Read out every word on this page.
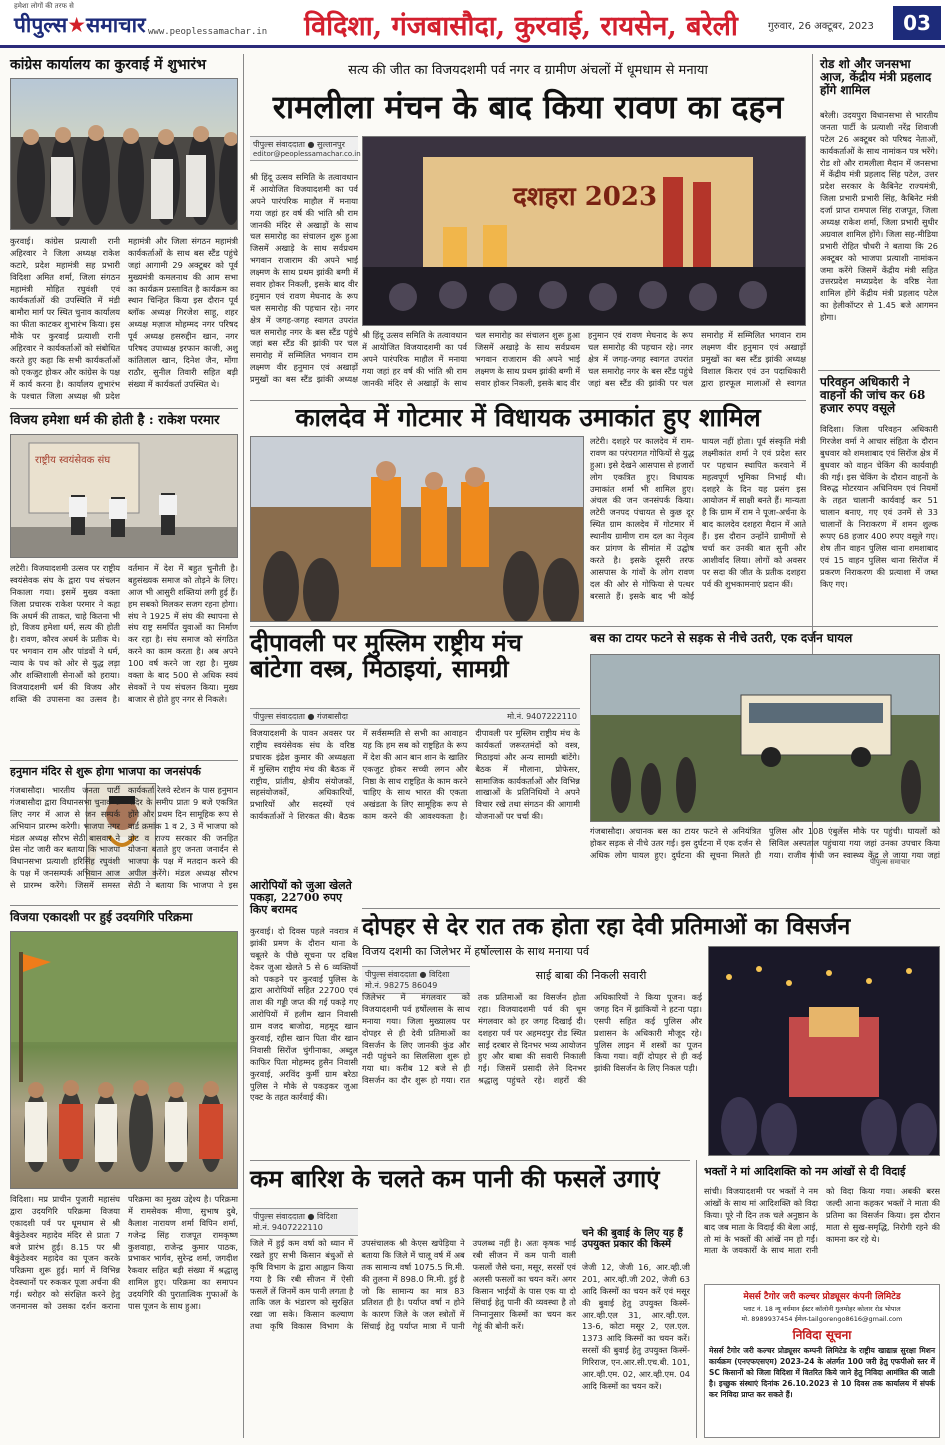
हमेशा लोगों की तरफ से
पीपुल्स★समाचार www.peoplessamachar.in	विदिशा, गंजबासौदा, कुरवाई, रायसेन, बरेली	गुरुवार, 26 अक्टूबर, 2023	03
कांग्रेस कार्यालय का कुरवाई में शुभारंभ
कुरवाई। कांग्रेस प्रत्याशी रानी अहिरवार ने जिला अध्यक्ष राकेश कटारे, प्रदेश महामंत्री सह प्रभारी विदिशा अमित शर्मा, जिला संगठन महामंत्री मोहित रघुवंशी एवं कार्यकर्ताओं की उपस्थिति में मंडी बामौरा मार्ग पर स्थित चुनाव कार्यालय का फीता काटकर शुभारंभ किया। इस मौके पर कुरवाई प्रत्याशी रानी अहिरवार ने कार्यकर्ताओं को संबोधित करते हुए कहा कि सभी कार्यकर्ताओं को एकजुट होकर और कांग्रेस के पक्ष में कार्य करना है। कार्यालय शुभारंभ के पश्चात जिला अध्यक्ष श्री प्रदेश महामंत्री और जिला संगठन महामंत्री कार्यकर्ताओं के साथ बस स्टैंड पहुंचे जहां आगामी 29 अक्टूबर को पूर्व मुख्यमंत्री कमलनाथ की आम सभा का कार्यक्रम प्रस्तावित है कार्यक्रम का स्थान चिन्हित किया इस दौरान पूर्व ब्लॉक अध्यक्ष गिरजेश साहू, शहर अध्यक्ष मज़ाज मोहम्मद नगर परिषद पूर्व अध्यक्ष हसरुद्दीन खान, नगर परिषद उपाध्यक्ष इरफान काजी, अशु कांतिलाल खान, दिनेश जैन, मोंगा राठौर, सुनील तिवारी सहित बड़ी संख्या में कार्यकर्ता उपस्थित थे।
विजय हमेशा धर्म की होती है : राकेश परमार
राष्ट्रीय स्वयंसेवक संघ
लटेरी। विजयादशमी उत्सव पर राष्ट्रीय स्वयंसेवक संघ के द्वारा पथ संचलन निकाला गया। इसमें मुख्य वक्ता जिला प्रचारक राकेश परमार ने कहा कि अधर्म की ताकत, चाहे कितना भी हो, विजय हमेशा धर्म, सत्य की होती है। रावण, कौरव अधर्म के प्रतीक थे। पर भगवान राम और पांडवों ने धर्म, न्याय के पथ को ओर से युद्ध लड़ा और शक्तिशाली सेनाओं को हराया। विजयादशमी धर्म की विजय और शक्ति की उपासना का उत्सव है। वर्तमान में देश में बहुत चुनौती है। बहुसंख्यक समाज को तोड़ने के लिए। आज भी आसुरी शक्तियां लगी हुई हैं। हम सबको मिलकर सजग रहना होगा। संघ ने 1925 में संघ की स्थापना से संघ राष्ट्र समर्पित युवाओं का निर्माण कर रहा है। संघ समाज को संगठित करने का काम करता है। अब अपने 100 वर्ष करने जा रहा है। मुख्य वक्ता के बाद 500 से अधिक स्वयं सेवकों ने पथ संचलन किया। मुख्य बाजार से होते हुए नगर से निकले।
हनुमान मंदिर से शुरू होगा भाजपा का जनसंपर्क
गंजबासौदा। भारतीय जनता पार्टी गंजबासौदा द्वारा विधानसभा चुनाव के लिए नगर में आज से जन सम्पर्क अभियान प्रारम्भ करेगी। भाजपा नगर मंडल अध्यक्ष सौरभ सेठी बासवार ने प्रेस नोट जारी कर बताया कि भाजपा विधानसभा प्रत्याशी हरिसिंह रघुवंशी के पक्ष में जनसम्पर्क अभियान आज से प्रारम्भ करेंगे। जिसमें समस्त कार्यकर्ता रेलवे स्टेशन के पास हनुमान मंदिर के समीप प्रातः 9 बजे एकत्रित होंगे और प्रथम दिन सामूहिक रूप से वार्ड क्रमांक 1 व 2, 3 में भाजपा को वोट व राज्य सरकार की जनहित योजना बताते हुए जनता जनार्दन से भाजपा के पक्ष में मतदान करने की अपील करेंगे। मंडल अध्यक्ष सौरभ सेठी ने बताया कि भाजपा ने इस
विजया एकादशी पर हुई उदयगिरि परिक्रमा
विदिशा। मप्र प्राचीन पुजारी महासंघ द्वारा उदयगिरि परिक्रमा विजया एकादशी पर्व पर धूमधाम से श्री बैकुंठेश्वर महादेव मंदिर से प्रातः 7 बजे प्रारंभ हुई। 8.15 पर श्री बैकुंठेश्वर महादेव का पूजन करके परिक्रमा शुरू हुई। मार्ग में विभिन्न देवस्थानों पर रुककर पूजा अर्चना की गई। धरोहर को संरक्षित करने हेतु जनमानस को उसका दर्शन कराना परिक्रमा का मुख्य उद्देश्य है। परिक्रमा में रामसेवक मीणा, सुभाष दुबे, कैलाश नारायण शर्मा विपिन शर्मा, गजेन्द्र सिंह राजपूत रामकृष्ण कुशवाहा, राजेन्द्र कुमार पाठक, प्रभाकर भार्गव, सुरेन्द्र शर्मा, जगदीश रैकवार सहित बड़ी संख्या में श्रद्धालु शामिल हुए। परिक्रमा का समापन उदयगिरि की पुरातात्विक गुफाओं के पास पूजन के साथ हुआ।
सत्य की जीत का विजयदशमी पर्व नगर व ग्रामीण अंचलों में धूमधाम से मनाया
रामलीला मंचन के बाद किया रावण का दहन
पीपुल्स संवाददाता ● सुल्तानपुर
editor@peoplessamachar.co.in
दशहरा 2023
श्री हिंदू उत्सव समिति के तत्वावधान में आयोजित विजयादशमी का पर्व अपने पारंपरिक माहौल में मनाया गया जहां हर वर्ष की भांति श्री राम जानकी मंदिर से अखाड़ों के साथ चल समारोह का संचालन शुरू हुआ जिसमें अखाड़े के साथ सर्वप्रथम भगवान राजाराम की अपने भाई लक्ष्मण के साथ प्रथम झांकी बग्गी में सवार होकर निकली, इसके बाद वीर हनुमान एवं रावण मेघनाद के रूप चल समारोह की पहचान रहे। नगर क्षेत्र में जगह-जगह स्वागत उपरांत चल समारोह नगर के बस स्टैंड पहुंचे जहां बस स्टैंड की झांकी पर चल समारोह में सम्मिलित भगवान राम लक्ष्मण वीर हनुमान एवं अखाड़ों प्रमुखों का बस स्टैंड झांकी अध्यक्ष
श्री हिंदू उत्सव समिति के तत्वावधान में आयोजित विजयादशमी का पर्व अपने पारंपरिक माहौल में मनाया गया जहां हर वर्ष की भांति श्री राम जानकी मंदिर से अखाड़ों के साथ चल समारोह का संचालन शुरू हुआ जिसमें अखाड़े के साथ सर्वप्रथम भगवान राजाराम की अपने भाई लक्ष्मण के साथ प्रथम झांकी बग्गी में सवार होकर निकली, इसके बाद वीर हनुमान एवं रावण मेघनाद के रूप चल समारोह की पहचान रहे। नगर क्षेत्र में जगह-जगह स्वागत उपरांत चल समारोह नगर के बस स्टैंड पहुंचे जहां बस स्टैंड की झांकी पर चल समारोह में सम्मिलित भगवान राम लक्ष्मण वीर हनुमान एवं अखाड़ों प्रमुखों का बस स्टैंड झांकी अध्यक्ष विशाल किरार एवं उन पदाधिकारी द्वारा हारफूल मालाओं से स्वागत
रोड शो और जनसभा आज, केंद्रीय मंत्री प्रहलाद होंगे शामिल
बरेली। उदयपुरा विधानसभा से भारतीय जनता पार्टी के प्रत्याशी नरेंद्र शिवाजी पटेल 26 अक्टूबर को परिषद नेताओं, कार्यकर्ताओं के साथ नामांकन पत्र भरेंगे। रोड शो और रामलीला मैदान में जनसभा में केंद्रीय मंत्री प्रहलाद सिंह पटेल, उत्तर प्रदेश सरकार के कैबिनेट राज्यमंत्री, जिला प्रभारी प्रभारी सिंह, कैबिनेट मंत्री दर्जा प्राप्त रामपाल सिंह राजपूत, जिला अध्यक्ष राकेश शर्मा, जिला प्रभारी सुधीर अग्रवाल शामिल होंगे। जिला सह-मीडिया प्रभारी रोहित चौधरी ने बताया कि 26 अक्टूबर को भाजपा प्रत्याशी नामांकन जमा करेंगे जिसमें केंद्रीय मंत्री सहित उत्तरप्रदेश मध्यप्रदेश के वरिष्ठ नेता शामिल होंगे केंद्रीय मंत्री प्रहलाद पटेल का हेलीकॉप्टर से 1.45 बजे आगमन होगा।
परिवहन अधिकारी ने वाहनों की जांच कर 68 हजार रुपए वसूले
विदिशा। जिला परिवहन अधिकारी गिरजेश वर्मा ने आचार संहिता के दौरान बुधवार को शमशाबाद एवं सिरोंज क्षेत्र में बुधवार को वाहन चेकिंग की कार्यवाही की गई। इस चेकिंग के दौरान वाहनों के विरुद्ध मोटरयान अधिनियम एवं नियमों के तहत चालानी कार्यवाई कर 51 चालान बनाए, गए एवं उनमें से 33 चालानों के निराकरण में शमन शुल्क रूपए 68 हजार 400 रुपए वसूले गए। शेष तीन वाहन पुलिस थाना शमशाबाद एवं 15 वाहन पुलिस थाना सिरोंज में प्रकरण निराकरण की प्रत्याशा में जब्त किए गए।
कालदेव में गोटमार में विधायक उमाकांत हुए शामिल
लटेरी। दशहरे पर कालदेव में राम-रावण का परंपरागत गोफियों से युद्ध हुआ। इसे देखने आसपास से हजारों लोग एकत्रित हुए। विधायक उमाकांत शर्मा भी शामिल हुए। अंचल की जन जनसंपर्क किया। लटेरी जनपद पंचायत से कुछ दूर स्थित ग्राम कालदेव में गोटमार में स्थानीय ग्रामीण राम दल का नेतृत्व कर प्रांगण के सीमांत में उद्घोष करते है। इसके दूसरी तरफ आसपास के गांवों के लोग रावण दल की ओर से गोफिया से पत्थर बरसाते हैं। इसके बाद भी कोई घायल नहीं होता। पूर्व संस्कृति मंत्री लक्ष्मीकांत शर्मा ने एवं प्रदेश स्तर पर पहचान स्थापित करवाने में महत्वपूर्ण भूमिका निभाई थी। दशहरे के दिन यह प्रसंग इस आयोजन में साक्षी बनते हैं। मान्यता है कि ग्राम में राम ने पूजा-अर्चना के बाद कालदेव दशहरा मैदान में आते हैं। इस दौरान उन्होंने ग्रामीणों से चर्चा कर उनकी बात सुनी और आशीर्वाद लिया। लोगों को अवसर पर सदा की जीत के प्रतीक दशहरा पर्व की शुभकामनाएं प्रदान कीं।
दीपावली पर मुस्लिम राष्ट्रीय मंच बांटेगा वस्त्र, मिठाइयां, सामग्री
पीपुल्स संवाददाता ● गंजबासौदा	मो.नं. 9407222110
विजयादशमी के पावन अवसर पर राष्ट्रीय स्वयंसेवक संघ के वरिष्ठ प्रचारक इंद्रेश कुमार की अध्यक्षता में मुस्लिम राष्ट्रीय मंच की बैठक में राष्ट्रीय, प्रांतीय, क्षेत्रीय संयोजकों, सहसंयोजकों, अधिकारियों, प्रभारियों और सदस्यों एवं कार्यकर्ताओं ने शिरकत की। बैठक में सर्वसम्मति से सभी का आवाहन यह कि हम सब को राष्ट्रहित के रूप में देश की आन बान शान के खातिर एकजुट होकर सच्ची लगन और निष्ठा के साथ राष्ट्रहित के काम करने चाहिए के साथ भारत की एकता अखंडता के लिए सामूहिक रूप से काम करने की आवश्यकता है। दीपावली पर मुस्लिम राष्ट्रीय मंच के कार्यकर्ता जरूरतमंदों को वस्त्र, मिठाइयां और अन्य सामग्री बांटेंगे। बैठक में मौलाना, प्रोफेसर, सामाजिक कार्यकर्ताओं और विभिन्न शाखाओं के प्रतिनिधियों ने अपने विचार रखे तथा संगठन की आगामी योजनाओं पर चर्चा की।
आरोपियों को जुआ खेलते पकड़ा, 22700 रुपए किए बरामद
कुरवाई। दो दिवस पहले नवरात्र में झांकी प्रमण के दौरान थाना के चबूतरे के पीछे सूचना पर दबिश देकर जुआ खेलते 5 से 6 व्यक्तियों को पकड़ने पर कुरवाई पुलिस के द्वारा आरोपियों सहित 22700 एवं ताश की गड्डी जप्त की गई पकड़े गए आरोपियों में हलीम खान निवासी ग्राम वजद बाजोदा, महमूद खान कुरवाई, रहीस खान पिता वीर खान निवासी सिरोंज चुंगीनाका, अब्दुल काफिर पिता मोहम्मद हुसैन निवासी कुरवाई, अरविंद कुर्मी ग्राम बरेठा पुलिस ने मौके से पकड़कर जुआ एक्ट के तहत कार्रवाई की।
बस का टायर फटने से सड़क से नीचे उतरी, एक दर्जन घायल
गंजबासौदा। अचानक बस का टायर फटने से अनियंत्रित होकर सड़क से नीचे उतर गई। इस दुर्घटना में एक दर्जन से अधिक लोग घायल हुए। दुर्घटना की सूचना मिलते ही पुलिस और 108 एंबुलेंस मौके पर पहुंची। घायलों को सिविल अस्पताल पहुंचाया गया जहां उनका उपचार किया गया। राजीव गांधी जन स्वास्थ्य केंद्र ले जाया गया जहां
पीपुल्स समाचार
दोपहर से देर रात तक होता रहा देवी प्रतिमाओं का विसर्जन
विजय दशमी का जिलेभर में हर्षोल्लास के साथ मनाया पर्व
पीपुल्स संवाददाता ● विदिशा
मो.नं. 98275 86049
साई बाबा की निकली सवारी
जिलेभर में मंगलवार को विजयादशमी पर्व हर्षोल्लास के साथ मनाया गया। जिला मुख्यालय पर दोपहर से ही देवी प्रतिमाओं का विसर्जन के लिए जानकी कुंड और नदी पहुंचने का सिलसिला शुरू हो गया था। करीब 12 बजे से ही विसर्जन का दौर शुरू हो गया। रात तक प्रतिमाओं का विसर्जन होता रहा। विजयादशमी पर्व की धूम मंगलवार को हर जगह दिखाई दी। दशहरा पर्व पर अहमदपुर रोड स्थित साई दरबार से दिनभर भव्य आयोजन हुए और बाबा की सवारी निकाली गई। जिसमें प्रसादी लेने दिनभर श्रद्धालु पहुंचते रहे। शहरों की अधिकारियों ने किया पूजन। कई जगह दिन में झांकियों ने हटना पड़ा। एसपी सहित कई पुलिस और प्रशासन के अधिकारी मौजूद रहे। पुलिस लाइन में शस्त्रों का पूजन किया गया। वहीं दोपहर से ही कई झांकी विसर्जन के लिए निकल पड़ी।
कम बारिश के चलते कम पानी की फसलें उगाएं
पीपुल्स संवाददाता ● विदिशा
मो.नं. 9407222110
जिले में हुई कम वर्षा को ध्यान में रखते हुए सभी किसान बंधुओं से कृषि विभाग के द्वारा आह्वान किया गया है कि रबी सीजन में ऐसी फसलें लें जिनमें कम पानी लगता है ताकि जल के भंडारण को सुरक्षित रखा जा सके। किसान कल्याण तथा कृषि विकास विभाग के उपसंचालक श्री केएस खपेड़िया ने बताया कि जिले में चालू वर्ष में अब तक सामान्य वर्षा 1075.5 मि.मी. की तुलना में 898.0 मि.मी. हुई है जो कि सामान्य का मात्र 83 प्रतिशत ही है। पर्याप्त वर्षा न होने के कारण जिले के जल स्त्रोतों में सिंचाई हेतु पर्याप्त मात्रा में पानी उपलब्ध नहीं है। अतः कृषक भाई रबी सीजन में कम पानी वाली फसलों जैसे चना, मसूर, सरसों एवं अलसी फसलों का चयन करें। अगर किसान भाईयों के पास एक या दो सिंचाई हेतु पानी की व्यवस्था है तो निम्नानुसार किस्मों का चयन कर गेहूं की बोनी करें।
चने की बुवाई के लिए यह हैं उपयुक्त प्रकार की किस्में
जेजी 12, जेजी 16, आर.व्ही.जी 201, आर.व्ही.जी 202, जेजी 63 आदि किस्मों का चयन करें एवं मसूर की बुवाई हेतु उपयुक्त किस्में- आर.व्ही.एल 31, आर.व्ही.एल. 13-6, कोटा मसूर 2, एल.एल. 1373 आदि किस्मों का चयन करें। सरसों की बुवाई हेतु उपयुक्त किस्में- गिरिराज, एन.आर.सी.एच.बी. 101, आर.व्ही.एम. 02, आर.व्ही.एम. 04 आदि किस्मों का चयन करें।
भक्तों ने मां आदिशक्ति को नम आंखों से दी विदाई
सांची। विजयादशमी पर भक्तों ने नम आंखों के साथ मां आदिशक्ति को विदा किया। पूरे नौ दिन तक चले अनुष्ठान के बाद जब माता के विदाई की बेला आई, तो मां के भक्तों की आंखें नम हो गईं। माता के जयकारों के साथ माता रानी को विदा किया गया। अबकी बरस जल्दी आना कहकर भक्तों ने माता की प्रतिमा का विसर्जन किया। इस दौरान माता से सुख-समृद्धि, निरोगी रहने की कामना कर रहे थे।
मेसर्स टैगोर जरी कल्चर प्रोड्यूसर कंपनी लिमिटेड
प्लाट नं. 18 न्यू वर्धमान ईस्टर कॉलोनी गुलमोहर कोलार रोड भोपाल
मो. 8989937454 ईमेल-tailgorengo8616@gmail.com
निविदा सूचना
मेसर्स टैगोर जरी कल्चर प्रोड्यूसर कम्पनी लिमिटेड के राष्ट्रीय खाद्यान्न सुरक्षा मिशन कार्यक्रम (एनएफएसएम) 2023-24 के अंतर्गत 100 जरी हेतु एफपीओ स्तर में SC किसानों को जिला विदिशा में वितरित किये जाने हेतु निविदा आमंत्रित की जाती है। इच्छुक संस्थाएं दिनांक 26.10.2023 से 10 दिवस तक कार्यालय में संपर्क कर निविदा प्राप्त कर सकते हैं।
